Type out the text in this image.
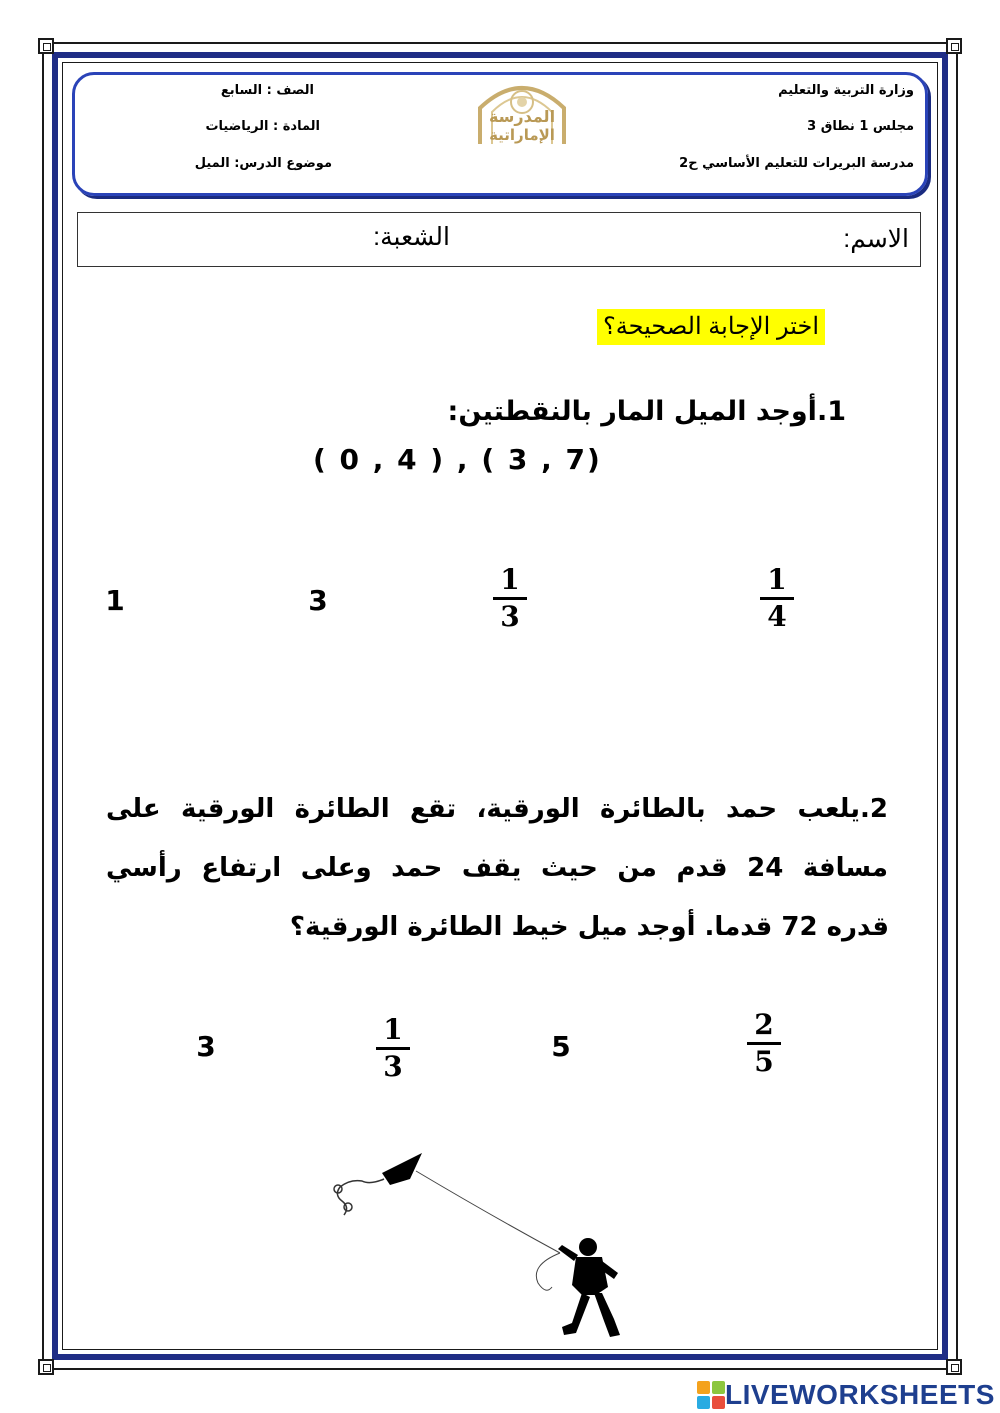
وزارة التربية والتعليم
مجلس 1 نطاق 3
مدرسة البريرات للتعليم الأساسي ح2
الصف : السابع
المادة : الرياضيات
موضوع الدرس: الميل
المدرسة
الإماراتية
الاسم:
الشعبة:
اختر الإجابة الصحيحة؟
1.أوجد الميل المار بالنقطتين:
( 0 , 4 ) , ( 3 , 7)
1	3
1
3
1
4
2.يلعب حمد بالطائرة الورقية، تقع الطائرة الورقية على
مسافة 24 قدم من حيث يقف حمد وعلى ارتفاع رأسي
قدره 72 قدما. أوجد ميل خيط الطائرة الورقية؟
3
1
3
5
2
5
LIVEWORKSHEETS
